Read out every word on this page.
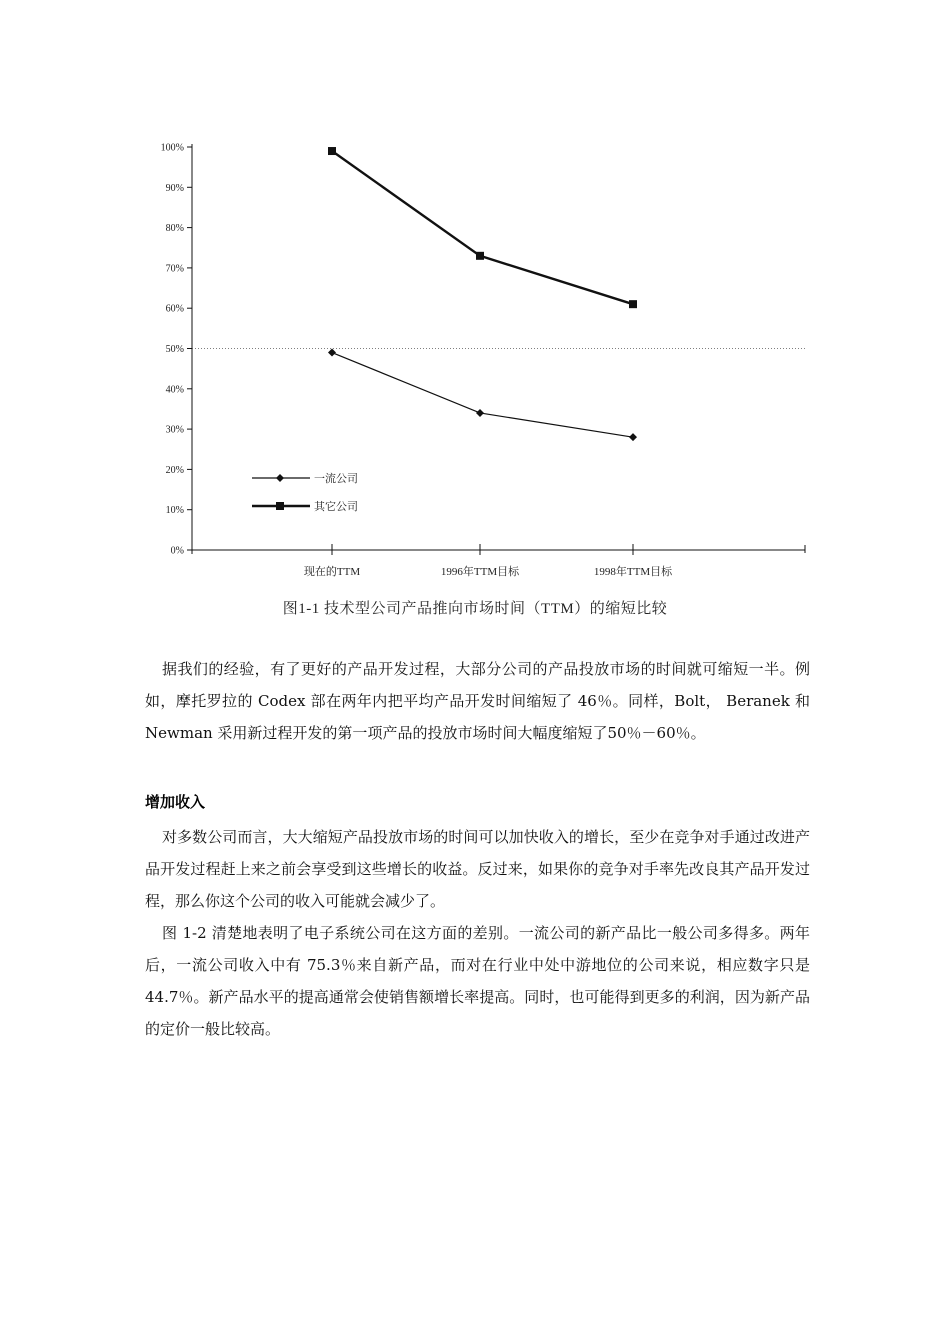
0%
10%
20%
30%
40%
50%
60%
70%
80%
90%
100%
现在的TTM	1996年TTM目标	1998年TTM目标
一流公司
其它公司
图1-1 技术型公司产品推向市场时间（TTM）的缩短比较

据我们的经验，有了更好的产品开发过程，大部分公司的产品投放市场的时间就可缩短一半。例如，摩托罗拉的 Codex 部在两年内把平均产品开发时间缩短了 46％。同样，Bolt， Beranek 和 Newman 采用新过程开发的第一项产品的投放市场时间大幅度缩短了50％－60％。

增加收入

对多数公司而言，大大缩短产品投放市场的时间可以加快收入的增长，至少在竞争对手通过改进产品开发过程赶上来之前会享受到这些增长的收益。反过来，如果你的竞争对手率先改良其产品开发过程，那么你这个公司的收入可能就会减少了。

图 1-2 清楚地表明了电子系统公司在这方面的差别。一流公司的新产品比一般公司多得多。两年后，一流公司收入中有 75.3％来自新产品，而对在行业中处中游地位的公司来说，相应数字只是 44.7％。新产品水平的提高通常会使销售额增长率提高。同时，也可能得到更多的利润，因为新产品的定价一般比较高。
